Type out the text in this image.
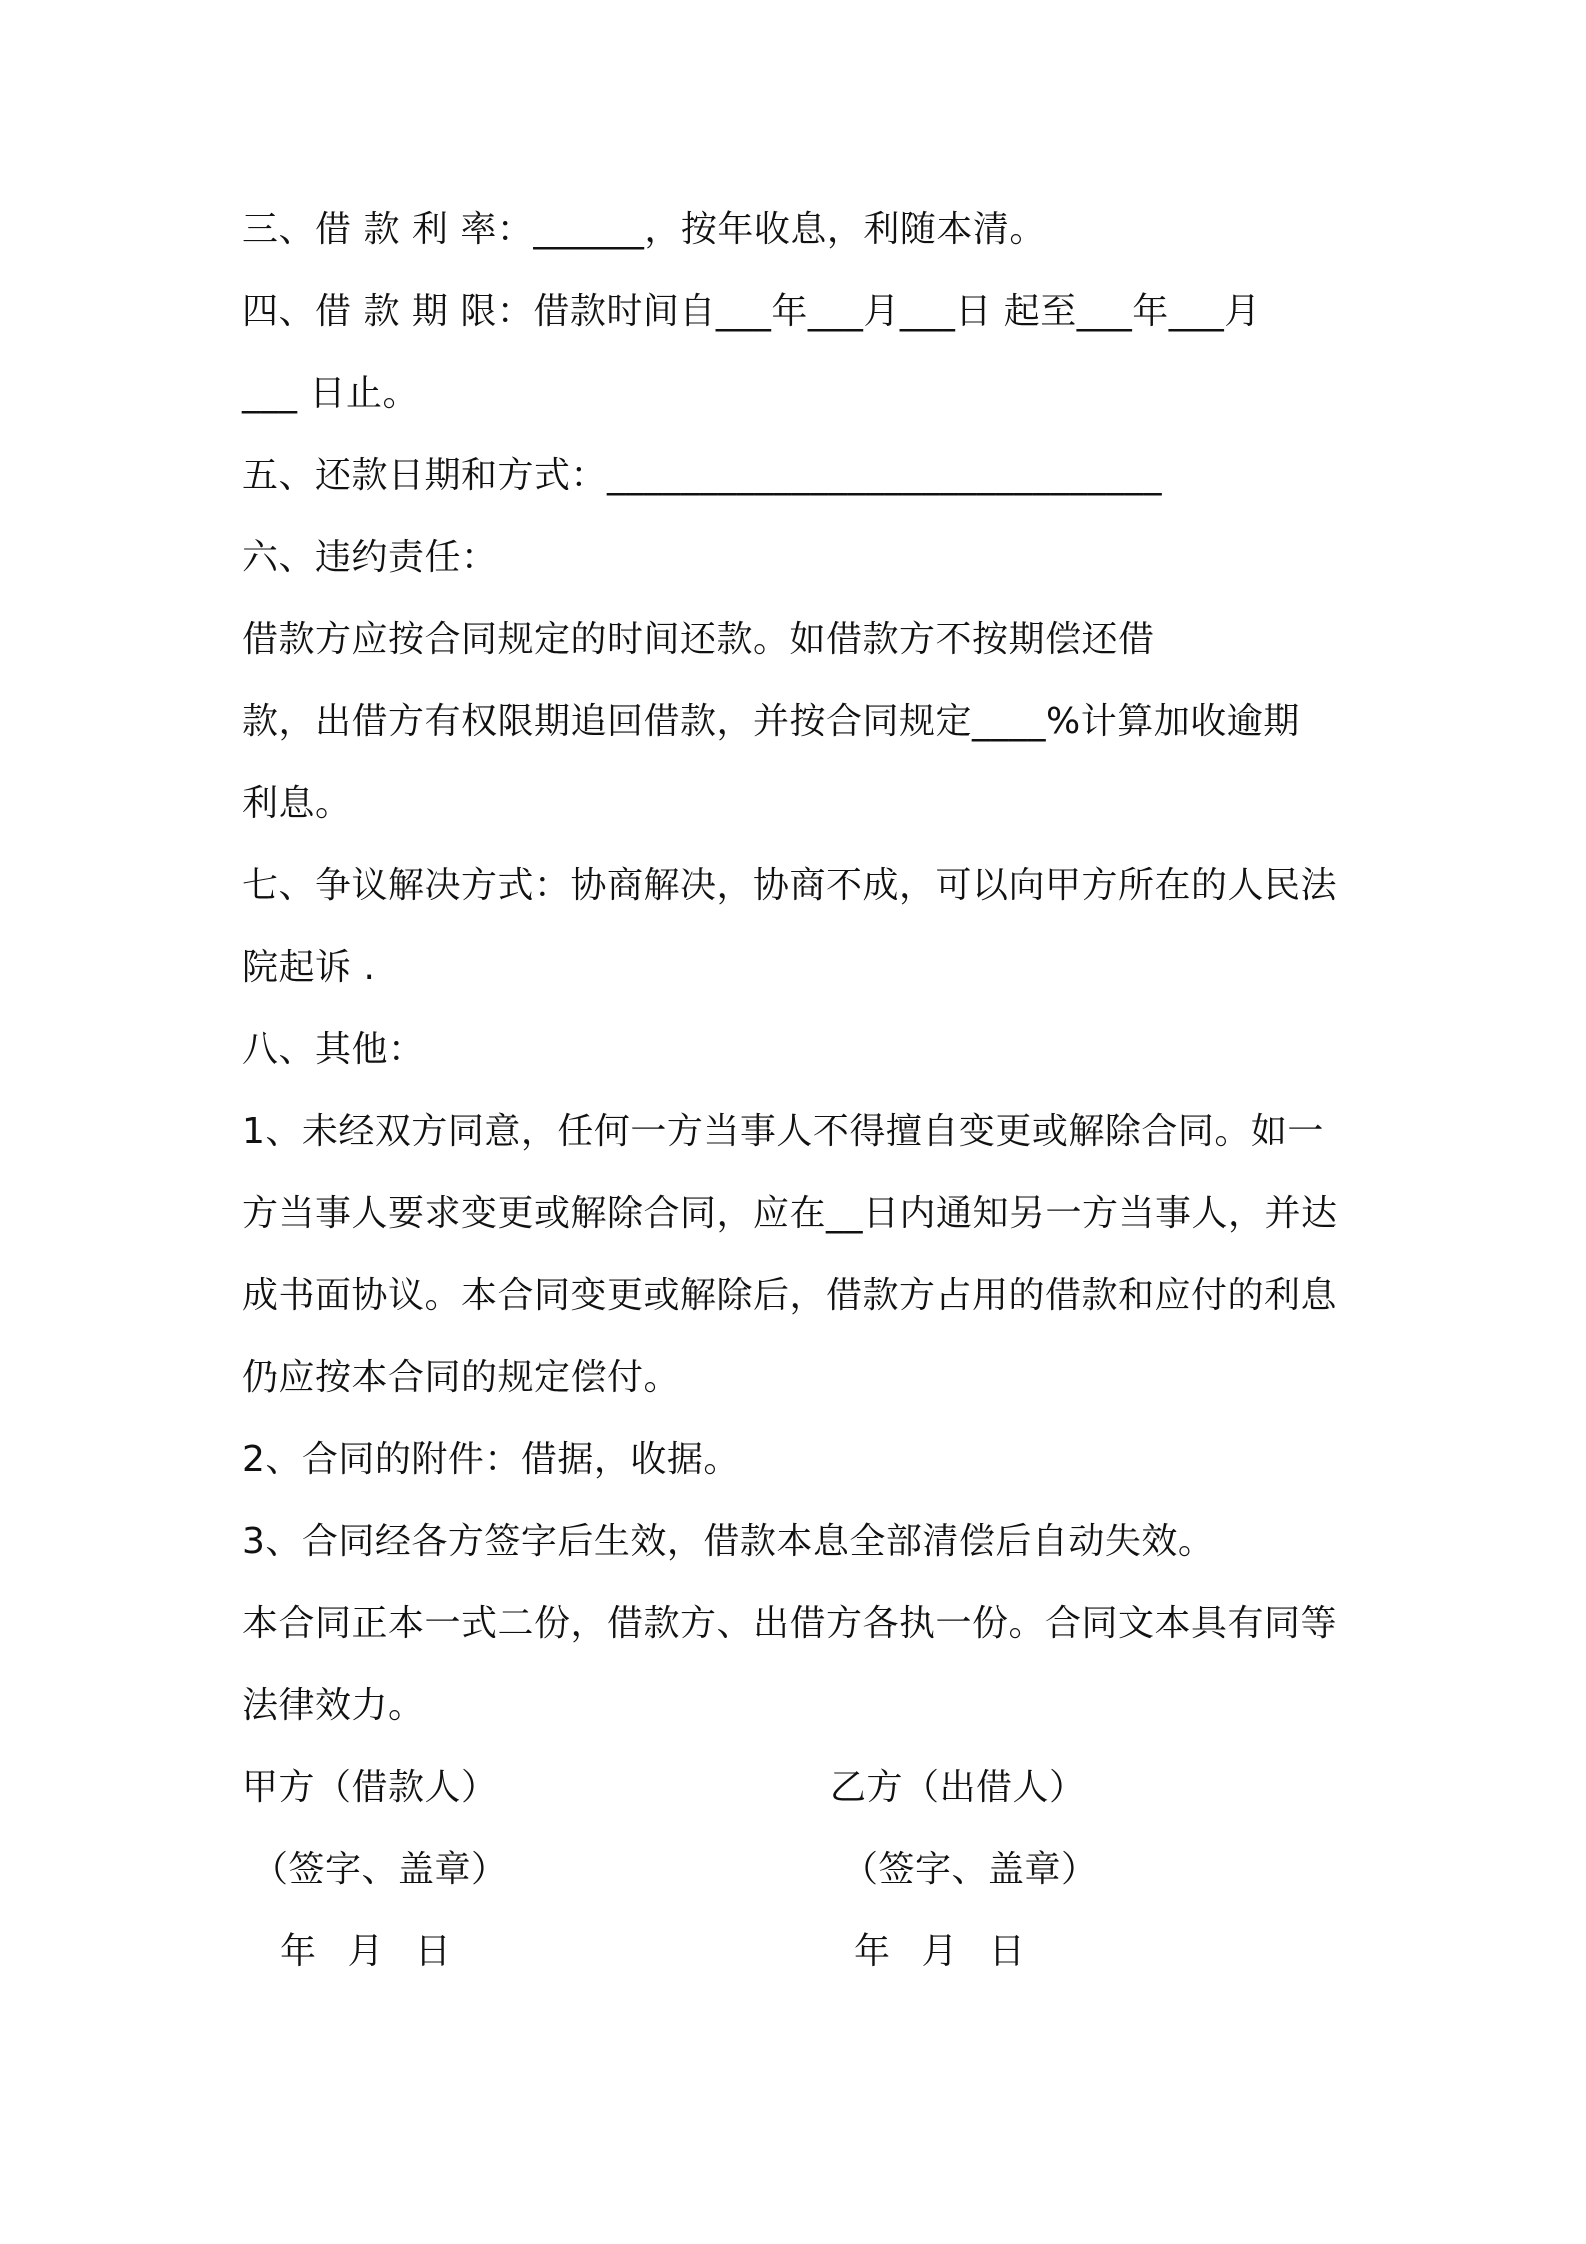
三、借 款 利 率：______，按年收息，利随本清。

四、借 款 期 限：借款时间自___年___月___日 起至___年___月

___ 日止。

五、还款日期和方式：______________________________

六、违约责任：

借款方应按合同规定的时间还款。如借款方不按期偿还借

款，出借方有权限期追回借款，并按合同规定____%计算加收逾期

利息。

七、争议解决方式：协商解决，协商不成，可以向甲方所在的人民法

院起诉 .

八、其他：

1、未经双方同意，任何一方当事人不得擅自变更或解除合同。如一

方当事人要求变更或解除合同，应在__日内通知另一方当事人，并达

成书面协议。本合同变更或解除后，借款方占用的借款和应付的利息

仍应按本合同的规定偿付。

2、合同的附件：借据，收据。

3、合同经各方签字后生效，借款本息全部清偿后自动失效。

本合同正本一式二份，借款方、出借方各执一份。合同文本具有同等

法律效力。

甲方（借款人）	乙方（出借人）

（签字、盖章）	（签字、盖章）

年 月 日	年 月 日
